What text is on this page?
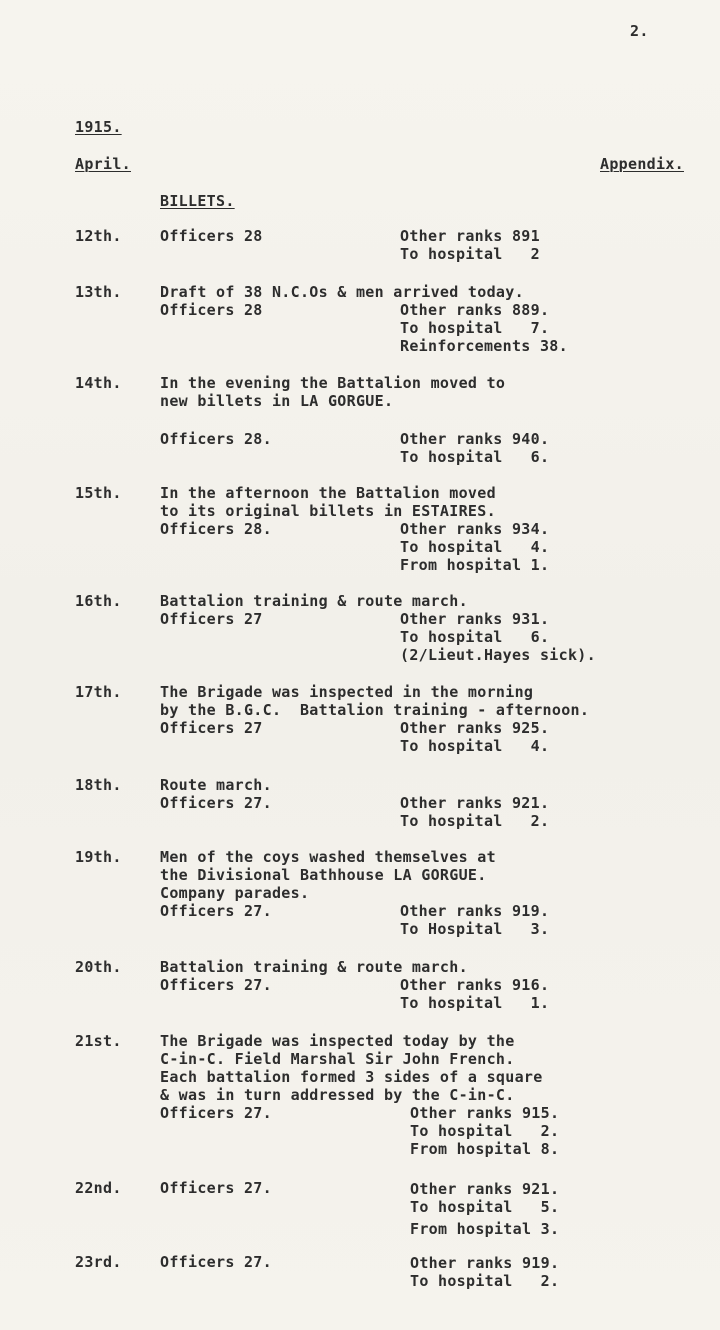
2.
1915.
April.	Appendix.
BILLETS.
12th.	Officers 28	Other ranks 891
To hospital   2
13th.	Draft of 38 N.C.Os & men arrived today.
Officers 28	Other ranks 889.
To hospital   7.
Reinforcements 38.
14th.	In the evening the Battalion moved to
new billets in LA GORGUE.
Officers 28.	Other ranks 940.
To hospital   6.
15th.	In the afternoon the Battalion moved
to its original billets in ESTAIRES.
Officers 28.	Other ranks 934.
To hospital   4.
From hospital 1.
16th.	Battalion training & route march.
Officers 27	Other ranks 931.
To hospital   6.
(2/Lieut.Hayes sick).
17th.	The Brigade was inspected in the morning
by the B.G.C.  Battalion training - afternoon.
Officers 27	Other ranks 925.
To hospital   4.
18th.	Route march.
Officers 27.	Other ranks 921.
To hospital   2.
19th.	Men of the coys washed themselves at
the Divisional Bathhouse LA GORGUE.
Company parades.
Officers 27.	Other ranks 919.
To Hospital   3.
20th.	Battalion training & route march.
Officers 27.	Other ranks 916.
To hospital   1.
21st.	The Brigade was inspected today by the
C-in-C. Field Marshal Sir John French.
Each battalion formed 3 sides of a square
& was in turn addressed by the C-in-C.
Officers 27.	Other ranks 915.
To hospital   2.
From hospital 8.
22nd.	Officers 27.	Other ranks 921.
To hospital   5.
From hospital 3.
23rd.	Officers 27.	Other ranks 919.
To hospital   2.
